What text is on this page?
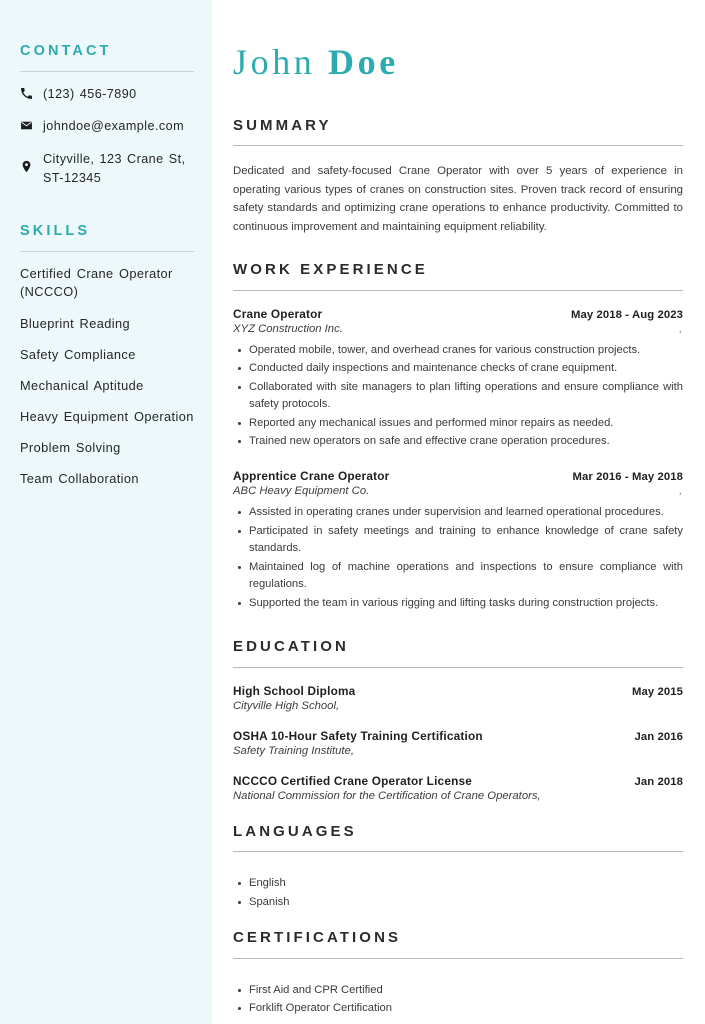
CONTACT
(123) 456-7890
johndoe@example.com
Cityville, 123 Crane St, ST-12345
SKILLS
Certified Crane Operator (NCCCO)
Blueprint Reading
Safety Compliance
Mechanical Aptitude
Heavy Equipment Operation
Problem Solving
Team Collaboration
John Doe
SUMMARY

Dedicated and safety-focused Crane Operator with over 5 years of experience in operating various types of cranes on construction sites. Proven track record of ensuring safety standards and optimizing crane operations to enhance productivity. Committed to continuous improvement and maintaining equipment reliability.

WORK EXPERIENCE
Crane Operator	May 2018 - Aug 2023
XYZ Construction Inc.	,
Operated mobile, tower, and overhead cranes for various construction projects.
Conducted daily inspections and maintenance checks of crane equipment.
Collaborated with site managers to plan lifting operations and ensure compliance with safety protocols.
Reported any mechanical issues and performed minor repairs as needed.
Trained new operators on safe and effective crane operation procedures.
Apprentice Crane Operator	Mar 2016 - May 2018
ABC Heavy Equipment Co.	,
Assisted in operating cranes under supervision and learned operational procedures.
Participated in safety meetings and training to enhance knowledge of crane safety standards.
Maintained log of machine operations and inspections to ensure compliance with regulations.
Supported the team in various rigging and lifting tasks during construction projects.
EDUCATION
High School Diploma	May 2015
Cityville High School,
OSHA 10-Hour Safety Training Certification	Jan 2016
Safety Training Institute,
NCCCO Certified Crane Operator License	Jan 2018
National Commission for the Certification of Crane Operators,
LANGUAGES
English
Spanish
CERTIFICATIONS
First Aid and CPR Certified
Forklift Operator Certification
